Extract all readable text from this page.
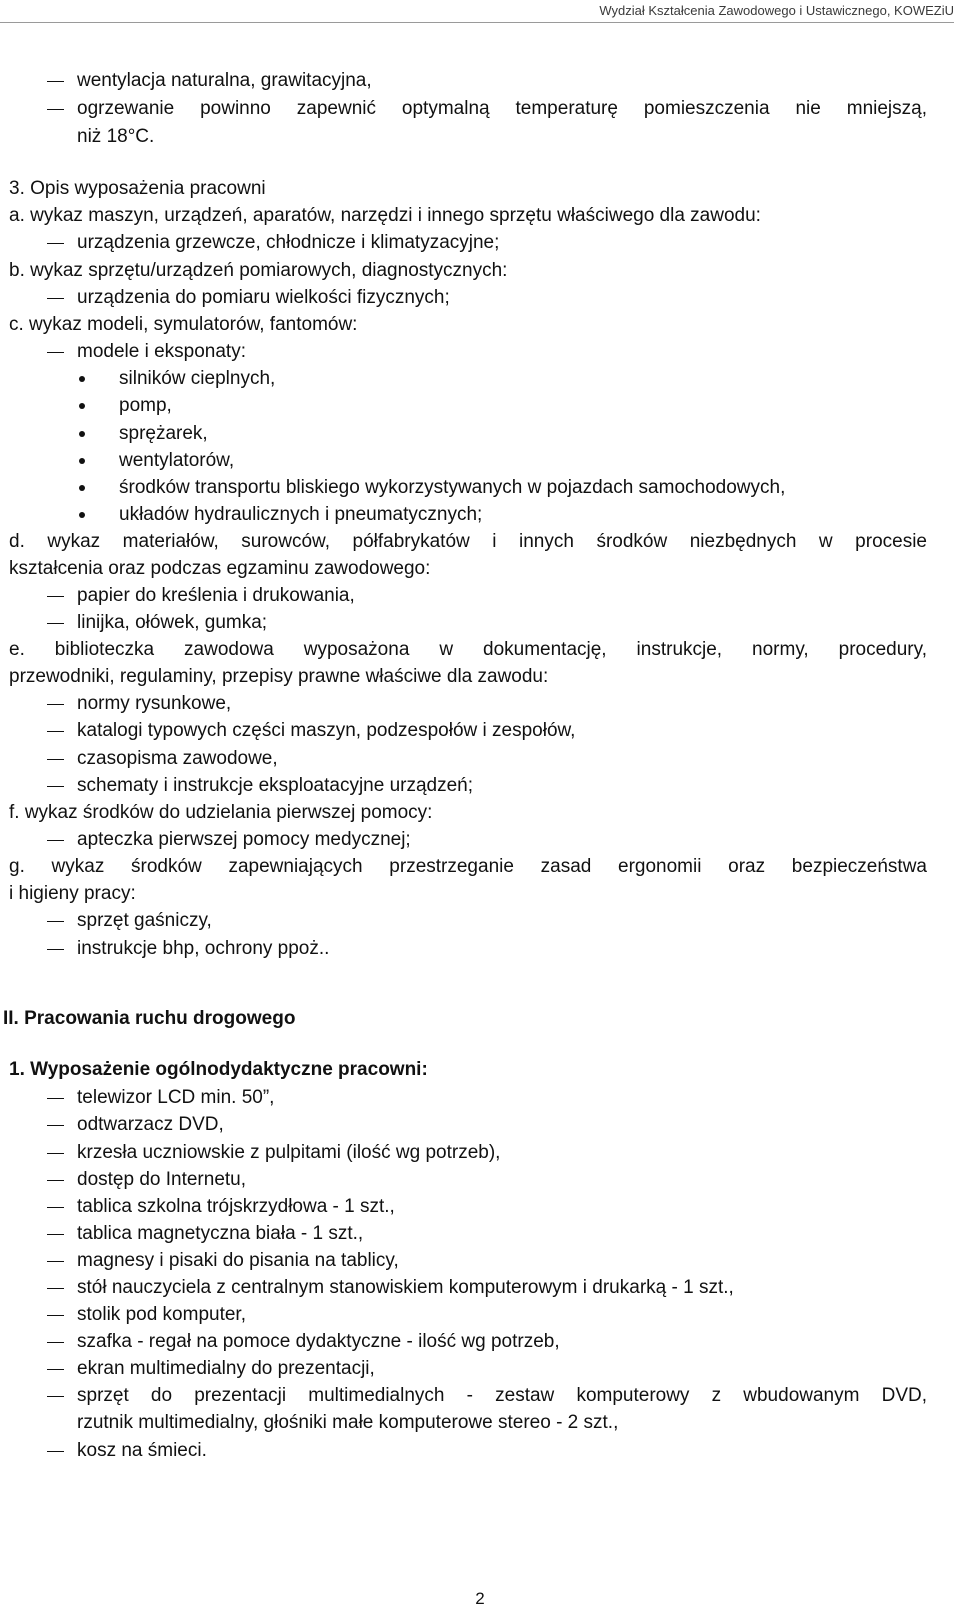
Wydział Kształcenia Zawodowego i Ustawicznego, KOWEZiU
wentylacja naturalna, grawitacyjna,
ogrzewanie powinno zapewnić optymalną temperaturę pomieszczenia nie mniejszą,
niż 18°C.
3. Opis wyposażenia pracowni
a. wykaz maszyn, urządzeń, aparatów, narzędzi i innego sprzętu właściwego dla zawodu:
urządzenia grzewcze, chłodnicze i klimatyzacyjne;
b. wykaz sprzętu/urządzeń pomiarowych, diagnostycznych:
urządzenia do pomiaru wielkości fizycznych;
c. wykaz modeli, symulatorów, fantomów:
modele i eksponaty:
silników cieplnych,
pomp,
sprężarek,
wentylatorów,
środków transportu bliskiego wykorzystywanych w pojazdach samochodowych,
układów hydraulicznych i pneumatycznych;
d. wykaz materiałów, surowców, półfabrykatów i innych środków niezbędnych w procesie
kształcenia oraz podczas egzaminu zawodowego:
papier do kreślenia i drukowania,
linijka, ołówek, gumka;
e. biblioteczka zawodowa wyposażona w dokumentację, instrukcje, normy, procedury,
przewodniki, regulaminy, przepisy prawne właściwe dla zawodu:
normy rysunkowe,
katalogi typowych części maszyn, podzespołów i zespołów,
czasopisma zawodowe,
schematy i instrukcje eksploatacyjne urządzeń;
f. wykaz środków do udzielania pierwszej pomocy:
apteczka pierwszej pomocy medycznej;
g. wykaz środków zapewniających przestrzeganie zasad ergonomii oraz bezpieczeństwa
i higieny pracy:
sprzęt gaśniczy,
instrukcje bhp, ochrony ppoż..
II. Pracowania ruchu drogowego
1. Wyposażenie ogólnodydaktyczne pracowni:
telewizor LCD min. 50”,
odtwarzacz DVD,
krzesła uczniowskie z pulpitami (ilość wg potrzeb),
dostęp do Internetu,
tablica szkolna trójskrzydłowa - 1 szt.,
tablica magnetyczna biała - 1 szt.,
magnesy i pisaki do pisania na tablicy,
stół nauczyciela z centralnym stanowiskiem komputerowym i drukarką - 1 szt.,
stolik pod komputer,
szafka - regał na pomoce dydaktyczne - ilość wg potrzeb,
ekran multimedialny do prezentacji,
sprzęt do prezentacji multimedialnych - zestaw komputerowy z wbudowanym DVD,
rzutnik multimedialny, głośniki małe komputerowe stereo - 2 szt.,
kosz na śmieci.
2
